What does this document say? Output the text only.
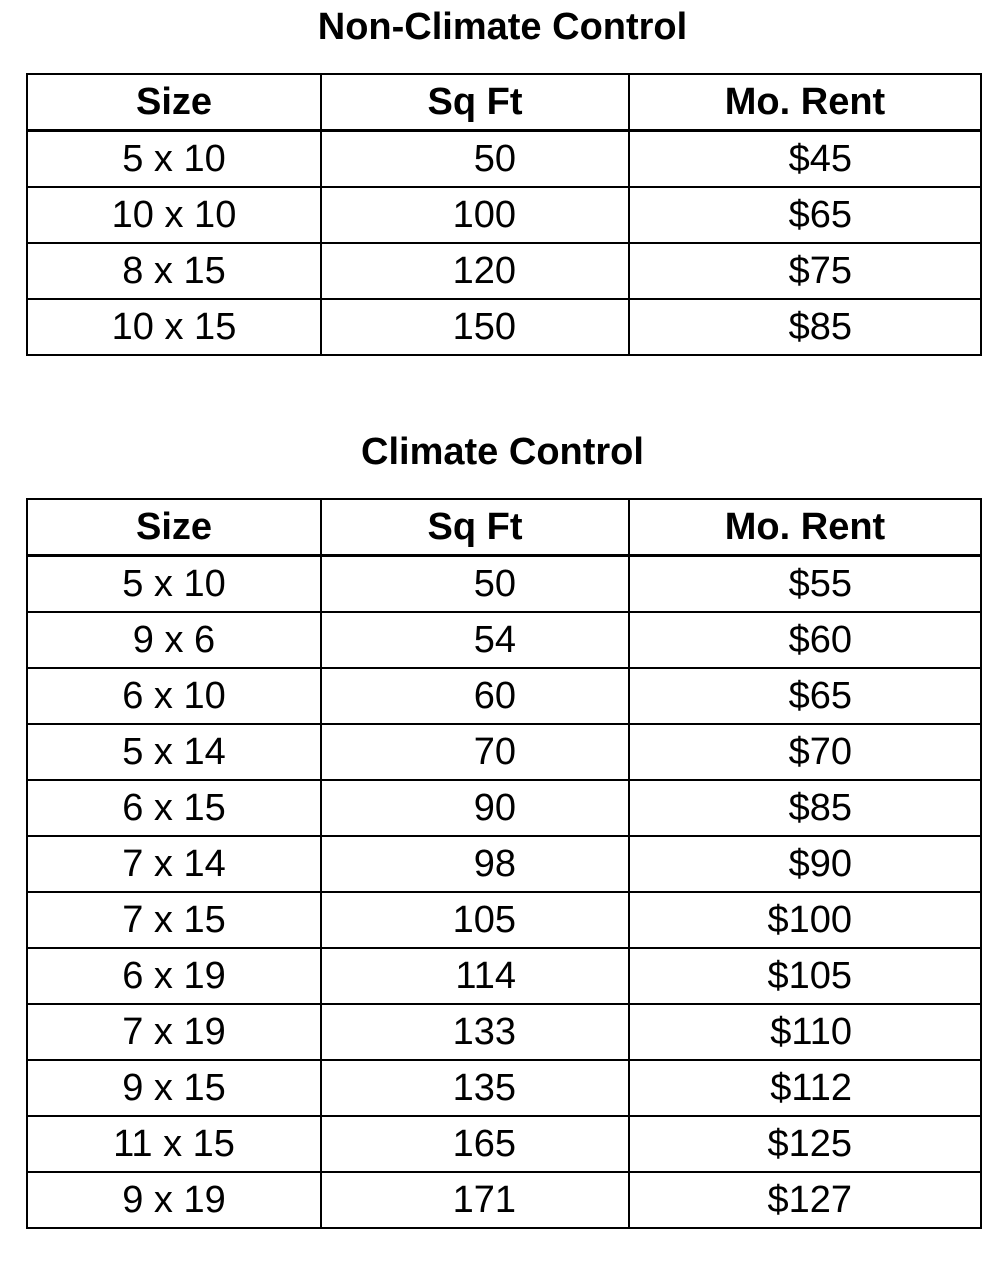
Non-Climate Control
Size	Sq Ft	Mo. Rent
5 x 10	50	$45
10 x 10	100	$65
8 x 15	120	$75
10 x 15	150	$85
Climate Control
Size	Sq Ft	Mo. Rent
5 x 10	50	$55
9 x 6	54	$60
6 x 10	60	$65
5 x 14	70	$70
6 x 15	90	$85
7 x 14	98	$90
7 x 15	105	$100
6 x 19	114	$105
7 x 19	133	$110
9 x 15	135	$112
11 x 15	165	$125
9 x 19	171	$127
